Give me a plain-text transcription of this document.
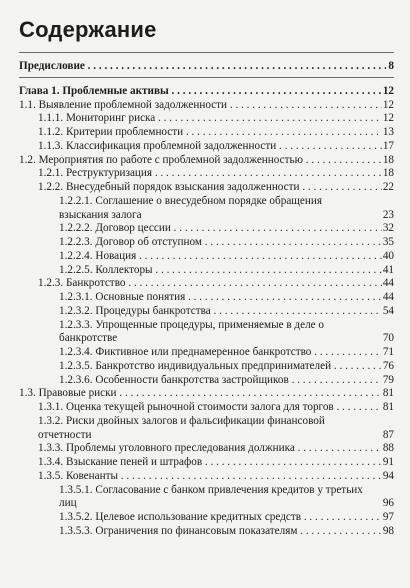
Содержание
Предисловие . . .	8
Глава 1. Проблемные активы . . .	12
1.1. Выявление проблемной задолженности . . .	12
1.1.1. Мониторинг риска . . .	12
1.1.2. Критерии проблемности . . .	13
1.1.3. Классификация проблемной задолженности . . .	17
1.2. Мероприятия по работе с проблемной задолженностью . . .	18
1.2.1. Реструктуризация . . .	18
1.2.2. Внесудебный порядок взыскания задолженности . . .	22
1.2.2.1. Соглашение о внесудебном порядке обращения взыскания залога	23
1.2.2.2. Договор цессии . . .	32
1.2.2.3. Договор об отступном . . .	35
1.2.2.4. Новация . . .	40
1.2.2.5. Коллекторы . . .	41
1.2.3. Банкротство . . .	44
1.2.3.1. Основные понятия . . .	44
1.2.3.2. Процедуры банкротства . . .	54
1.2.3.3. Упрощенные процедуры, применяемые в деле о банкротстве	70
1.2.3.4. Фиктивное или преднамеренное банкротство . . .	71
1.2.3.5. Банкротство индивидуальных предпринимателей . . .	76
1.2.3.6. Особенности банкротства застройщиков . . .	79
1.3. Правовые риски . . .	81
1.3.1. Оценка текущей рыночной стоимости залога для торгов . . .	81
1.3.2. Риски двойных залогов и фальсификации финансовой отчетности	87
1.3.3. Проблемы уголовного преследования должника . . .	88
1.3.4. Взыскание пеней и штрафов . . .	91
1.3.5. Ковенанты . . .	94
1.3.5.1. Согласование с банком привлечения кредитов у третьих лиц	96
1.3.5.2. Целевое использование кредитных средств . . .	97
1.3.5.3. Ограничения по финансовым показателям . . .	98
